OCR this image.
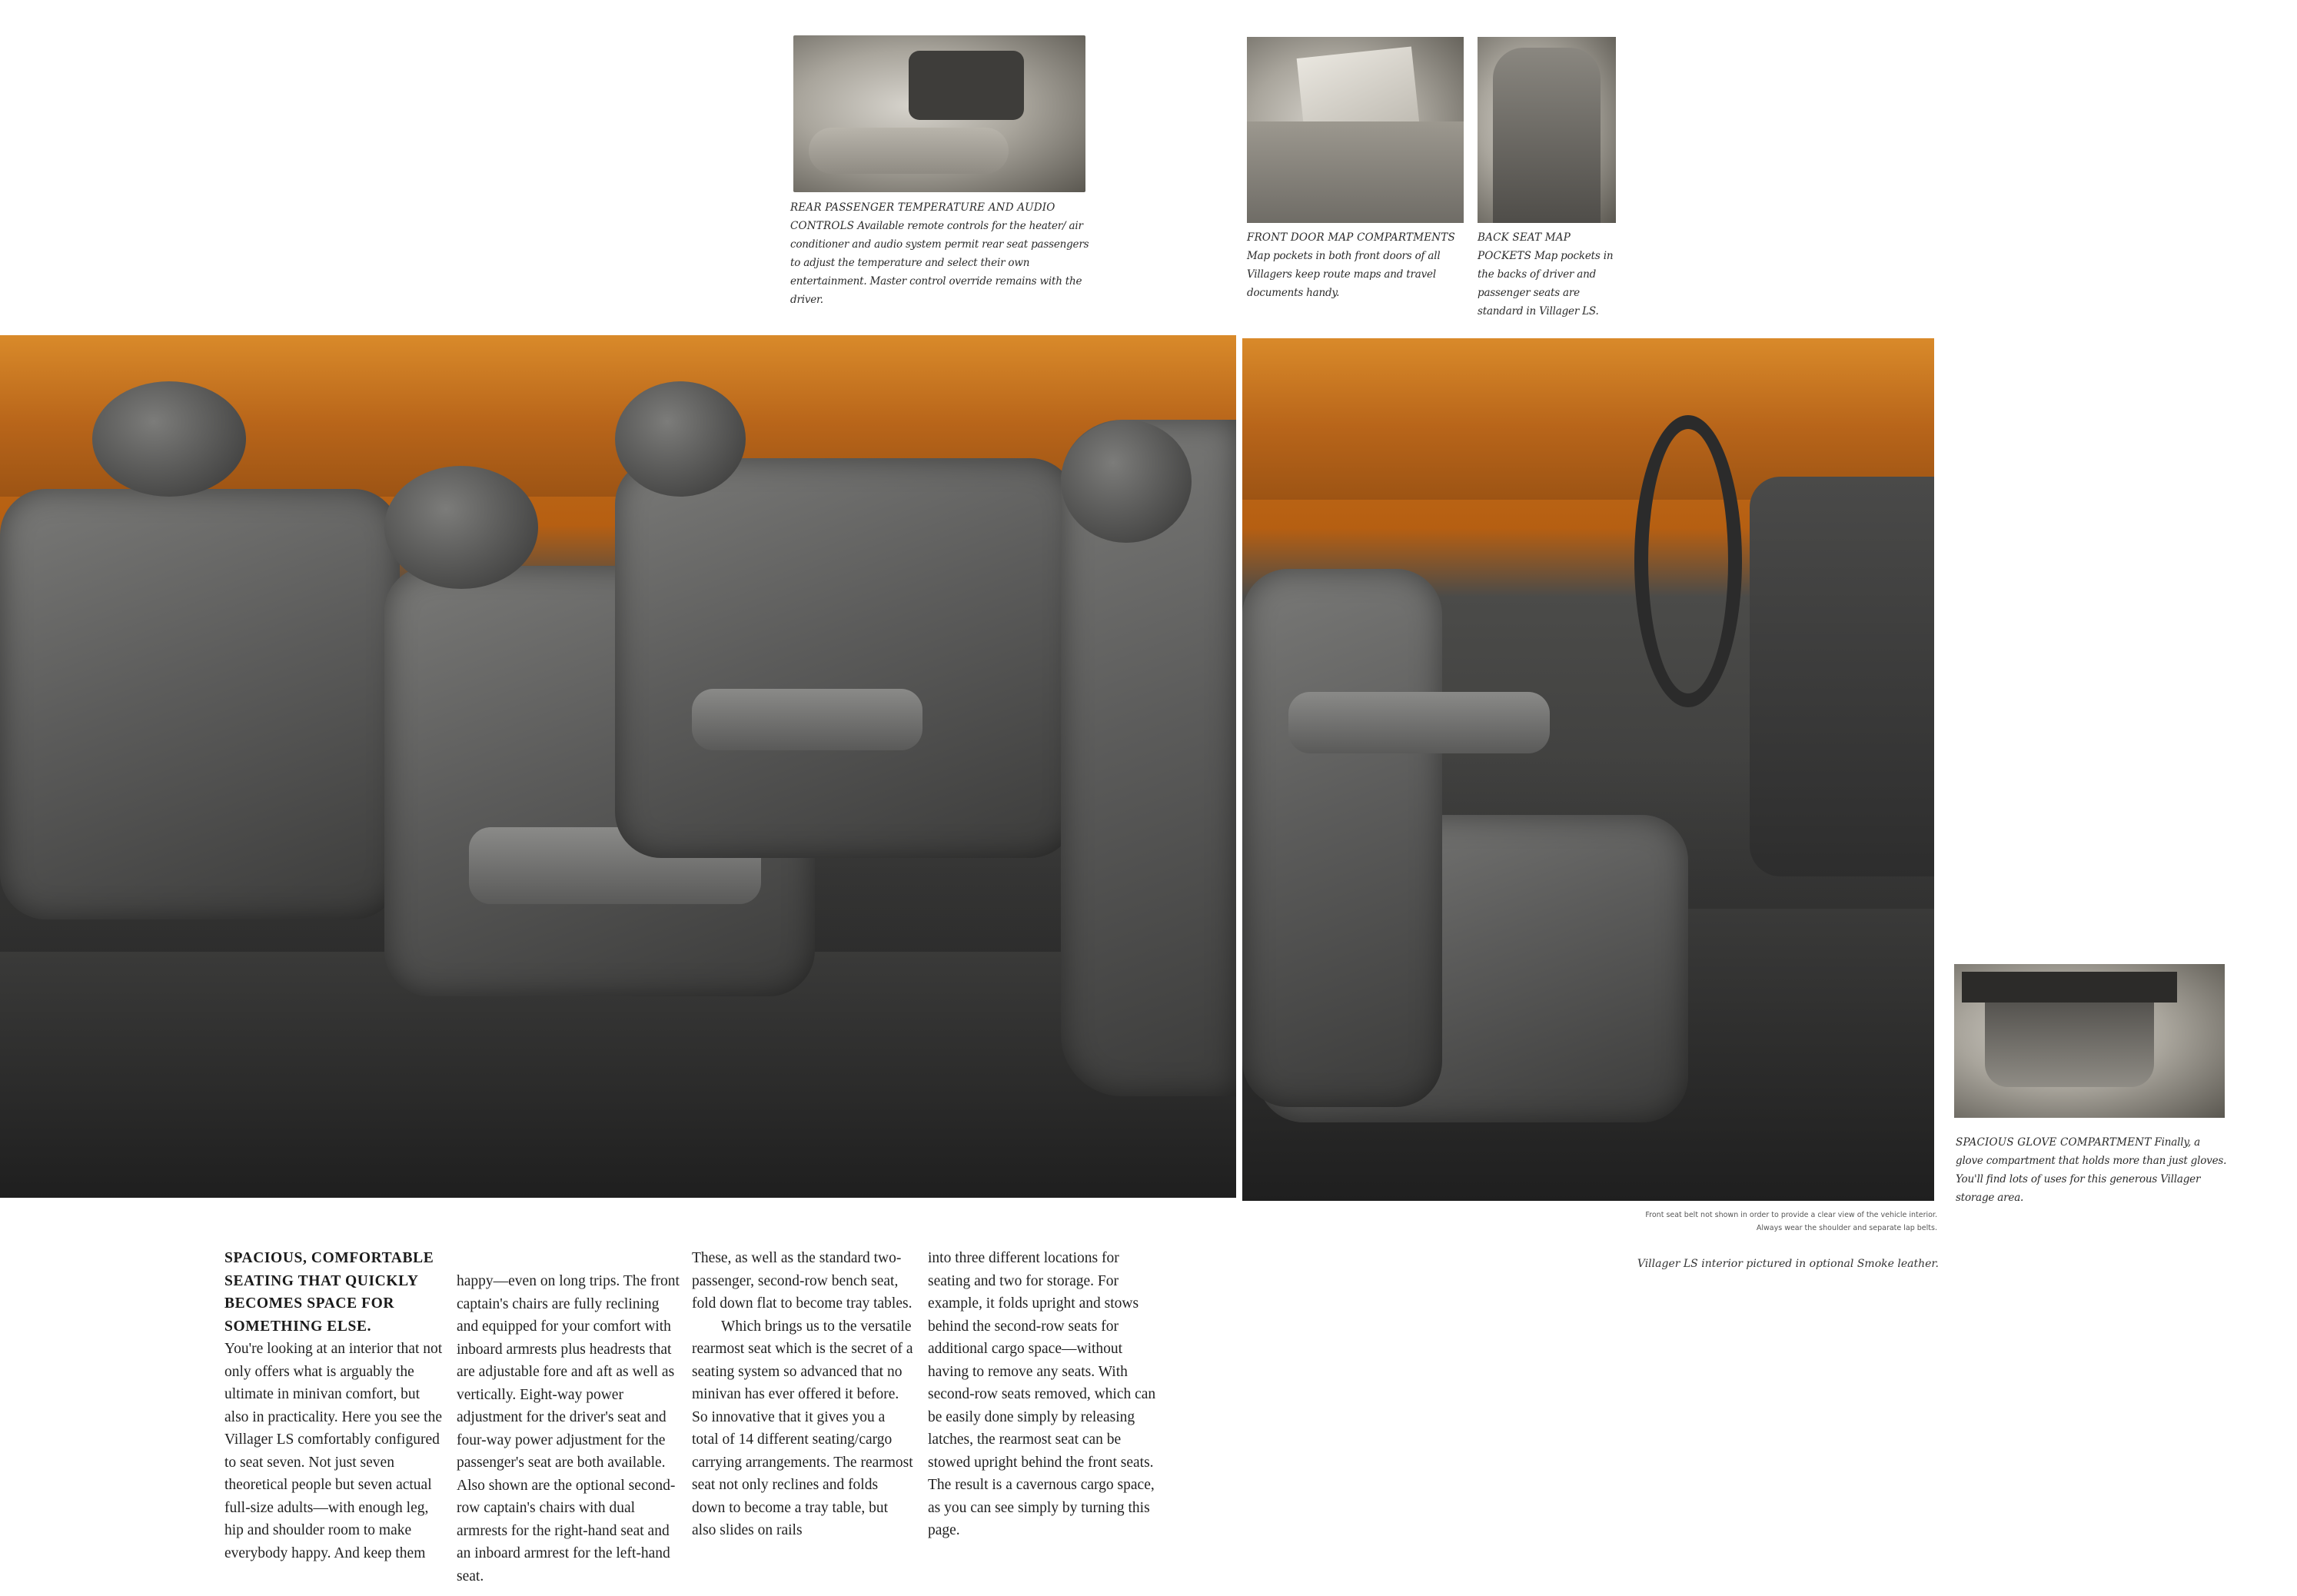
REAR PASSENGER TEMPERATURE AND AUDIO CONTROLS Available remote controls for the heater/ air conditioner and audio system permit rear seat passengers to adjust the temperature and select their own entertainment. Master control override remains with the driver.
FRONT DOOR MAP COMPARTMENTS Map pockets in both front doors of all Villagers keep route maps and travel documents handy.
BACK SEAT MAP POCKETS Map pockets in the backs of driver and passenger seats are standard in Villager LS.
SPACIOUS GLOVE COMPARTMENT Finally, a glove compartment that holds more than just gloves. You'll find lots of uses for this generous Villager storage area.
Front seat belt not shown in order to provide a clear view of the vehicle interior.
Always wear the shoulder and separate lap belts.
Villager LS interior pictured in optional Smoke leather.

SPACIOUS, COMFORTABLE SEATING THAT QUICKLY BECOMES SPACE FOR SOMETHING ELSE.

You're looking at an interior that not only offers what is arguably the ultimate in minivan comfort, but also in practicality. Here you see the Villager LS comfortably configured to seat seven. Not just seven theoretical people but seven actual full-size adults—with enough leg, hip and shoulder room to make everybody happy. And keep them

happy—even on long trips. The front captain's chairs are fully reclining and equipped for your comfort with inboard armrests plus headrests that are adjustable fore and aft as well as vertically. Eight-way power adjustment for the driver's seat and four-way power adjustment for the passenger's seat are both available. Also shown are the optional second-row captain's chairs with dual armrests for the right-hand seat and an inboard armrest for the left-hand seat.

These, as well as the standard two-passenger, second-row bench seat, fold down flat to become tray tables.

Which brings us to the versatile rearmost seat which is the secret of a seating system so advanced that no minivan has ever offered it before. So innovative that it gives you a total of 14 different seating/cargo carrying arrangements. The rearmost seat not only reclines and folds down to become a tray table, but also slides on rails

into three different locations for seating and two for storage. For example, it folds upright and stows behind the second-row seats for additional cargo space—without having to remove any seats. With second-row seats removed, which can be easily done simply by releasing latches, the rearmost seat can be stowed upright behind the front seats. The result is a cavernous cargo space, as you can see simply by turning this page.
